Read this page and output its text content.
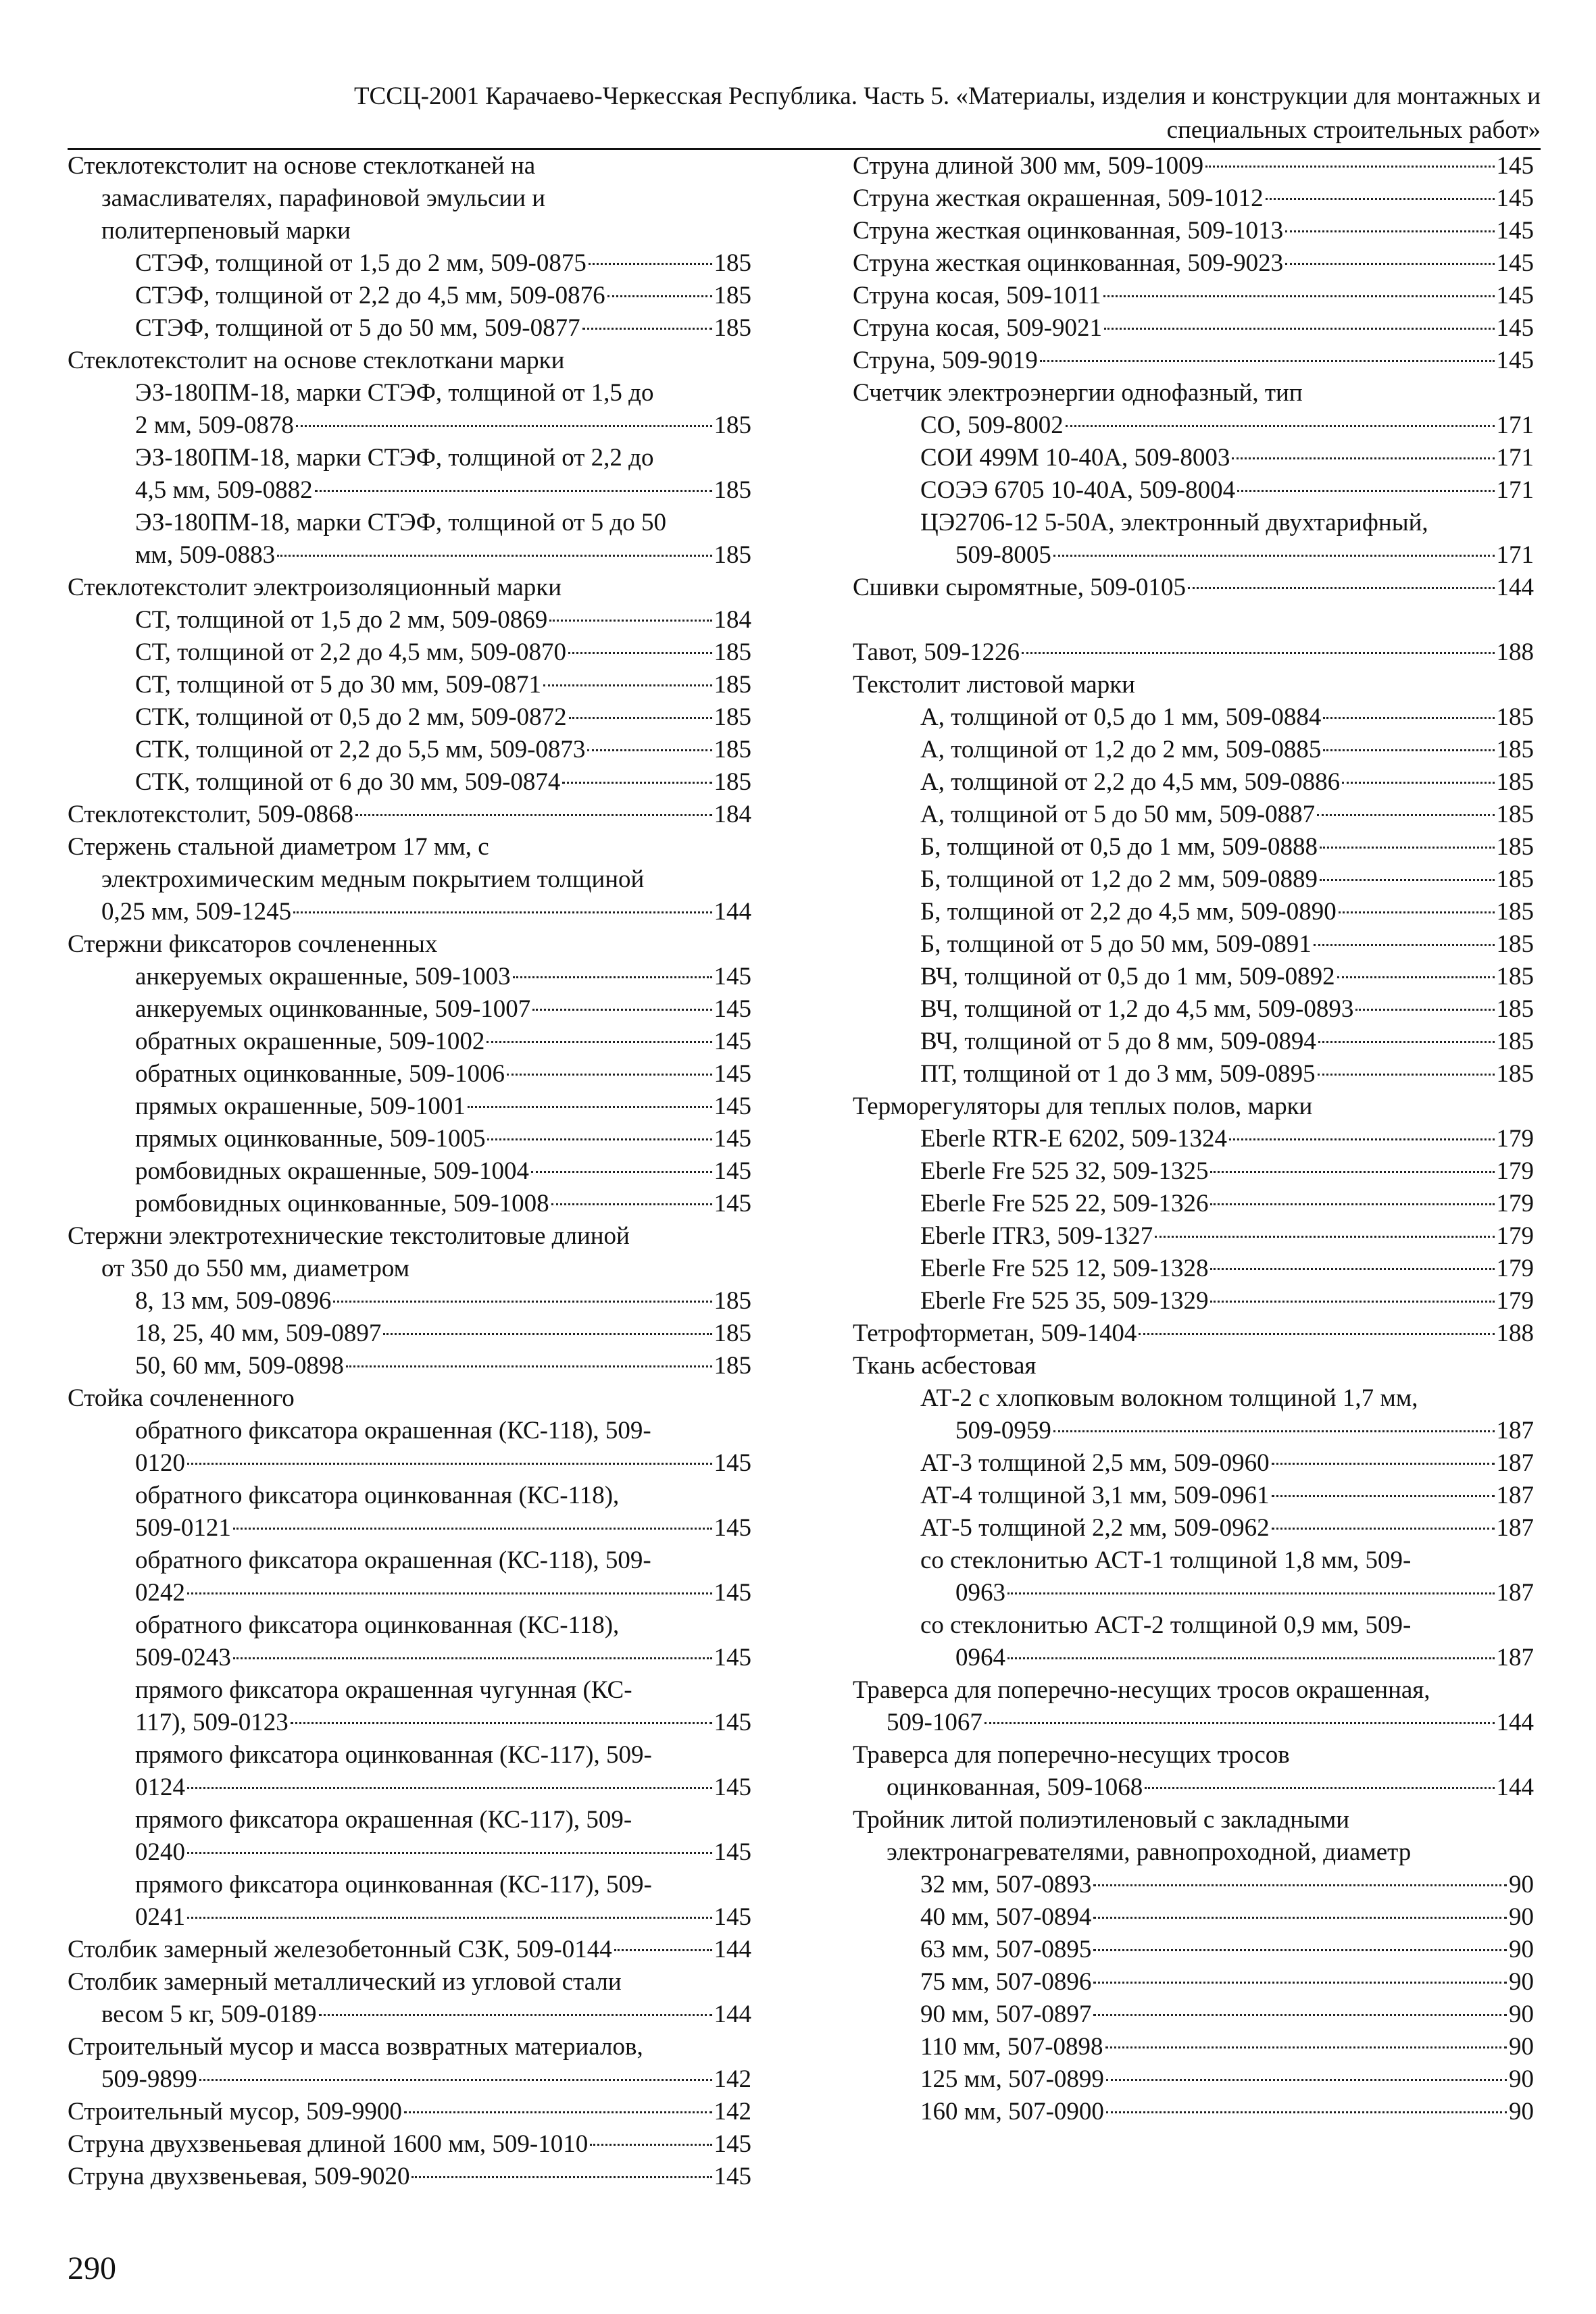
ТССЦ-2001 Карачаево-Черкесская Республика. Часть 5. «Материалы, изделия и конструкции для монтажных и
специальных строительных работ»
Стеклотекстолит на основе стеклотканей на
замасливателях, парафиновой эмульсии и
политерпеновый марки
СТЭФ, толщиной от 1,5 до 2 мм, 509-0875	185
СТЭФ, толщиной от 2,2 до 4,5 мм, 509-0876	185
СТЭФ, толщиной от 5 до 50 мм, 509-0877	185
Стеклотекстолит на основе стеклоткани марки
ЭЗ-180ПМ-18, марки СТЭФ, толщиной от 1,5 до
2 мм, 509-0878	185
ЭЗ-180ПМ-18, марки СТЭФ, толщиной от 2,2 до
4,5 мм, 509-0882	185
ЭЗ-180ПМ-18, марки СТЭФ, толщиной от 5 до 50
мм, 509-0883	185
Стеклотекстолит электроизоляционный марки
СТ, толщиной от 1,5 до 2 мм, 509-0869	184
СТ, толщиной от 2,2 до 4,5 мм, 509-0870	185
СТ, толщиной от 5 до 30 мм, 509-0871	185
СТК, толщиной от 0,5 до 2 мм, 509-0872	185
СТК, толщиной от 2,2 до 5,5 мм, 509-0873	185
СТК, толщиной от 6 до 30 мм, 509-0874	185
Стеклотекстолит, 509-0868	184
Стержень стальной диаметром 17 мм, с
электрохимическим медным покрытием толщиной
0,25 мм, 509-1245	144
Стержни фиксаторов сочлененных
анкеруемых окрашенные, 509-1003	145
анкеруемых оцинкованные, 509-1007	145
обратных окрашенные, 509-1002	145
обратных оцинкованные, 509-1006	145
прямых окрашенные, 509-1001	145
прямых оцинкованные, 509-1005	145
ромбовидных окрашенные, 509-1004	145
ромбовидных оцинкованные, 509-1008	145
Стержни электротехнические текстолитовые длиной
от 350 до 550 мм, диаметром
8, 13 мм, 509-0896	185
18, 25, 40 мм, 509-0897	185
50, 60 мм, 509-0898	185
Стойка сочлененного
обратного фиксатора окрашенная (КС-118), 509-
0120	145
обратного фиксатора оцинкованная (КС-118),
509-0121	145
обратного фиксатора окрашенная (КС-118), 509-
0242	145
обратного фиксатора оцинкованная (КС-118),
509-0243	145
прямого фиксатора окрашенная чугунная (КС-
117), 509-0123	145
прямого фиксатора оцинкованная (КС-117), 509-
0124	145
прямого фиксатора окрашенная (КС-117), 509-
0240	145
прямого фиксатора оцинкованная (КС-117), 509-
0241	145
Столбик замерный железобетонный СЗК, 509-0144	144
Столбик замерный металлический из угловой стали
весом 5 кг, 509-0189	144
Строительный мусор и масса возвратных материалов,
509-9899	142
Строительный мусор, 509-9900	142
Струна двухзвеньевая длиной 1600 мм, 509-1010	145
Струна двухзвеньевая, 509-9020	145
Струна длиной 300 мм, 509-1009	145
Струна жесткая окрашенная, 509-1012	145
Струна жесткая оцинкованная, 509-1013	145
Струна жесткая оцинкованная, 509-9023	145
Струна косая, 509-1011	145
Струна косая, 509-9021	145
Струна, 509-9019	145
Счетчик электроэнергии однофазный, тип
СО, 509-8002	171
СОИ 499М 10-40А, 509-8003	171
СОЭЭ 6705 10-40А, 509-8004	171
ЦЭ2706-12 5-50А, электронный двухтарифный,
509-8005	171
Сшивки сыромятные, 509-0105	144
Тавот, 509-1226	188
Текстолит листовой марки
А, толщиной от 0,5 до 1 мм, 509-0884	185
А, толщиной от 1,2 до 2 мм, 509-0885	185
А, толщиной от 2,2 до 4,5 мм, 509-0886	185
А, толщиной от 5 до 50 мм, 509-0887	185
Б, толщиной от 0,5 до 1 мм, 509-0888	185
Б, толщиной от 1,2 до 2 мм, 509-0889	185
Б, толщиной от 2,2 до 4,5 мм, 509-0890	185
Б, толщиной от 5 до 50 мм, 509-0891	185
ВЧ, толщиной от 0,5 до 1 мм, 509-0892	185
ВЧ, толщиной от 1,2 до 4,5 мм, 509-0893	185
ВЧ, толщиной от 5 до 8 мм, 509-0894	185
ПТ, толщиной от 1 до 3 мм, 509-0895	185
Терморегуляторы для теплых полов, марки
Eberle RTR-E 6202, 509-1324	179
Eberle Fre 525 32, 509-1325	179
Eberle Fre 525 22, 509-1326	179
Eberle ITR3, 509-1327	179
Eberle Fre 525 12, 509-1328	179
Eberle Fre 525 35, 509-1329	179
Тетрофторметан, 509-1404	188
Ткань асбестовая
АТ-2 с хлопковым волокном толщиной 1,7 мм,
509-0959	187
АТ-3 толщиной 2,5 мм, 509-0960	187
АТ-4 толщиной 3,1 мм, 509-0961	187
АТ-5 толщиной 2,2 мм, 509-0962	187
со стеклонитью АСТ-1 толщиной 1,8 мм, 509-
0963	187
со стеклонитью АСТ-2 толщиной 0,9 мм, 509-
0964	187
Траверса для поперечно-несущих тросов окрашенная,
509-1067	144
Траверса для поперечно-несущих тросов
оцинкованная, 509-1068	144
Тройник литой полиэтиленовый с закладными
электронагревателями, равнопроходной, диаметр
32 мм, 507-0893	90
40 мм, 507-0894	90
63 мм, 507-0895	90
75 мм, 507-0896	90
90 мм, 507-0897	90
110 мм, 507-0898	90
125 мм, 507-0899	90
160 мм, 507-0900	90
290
